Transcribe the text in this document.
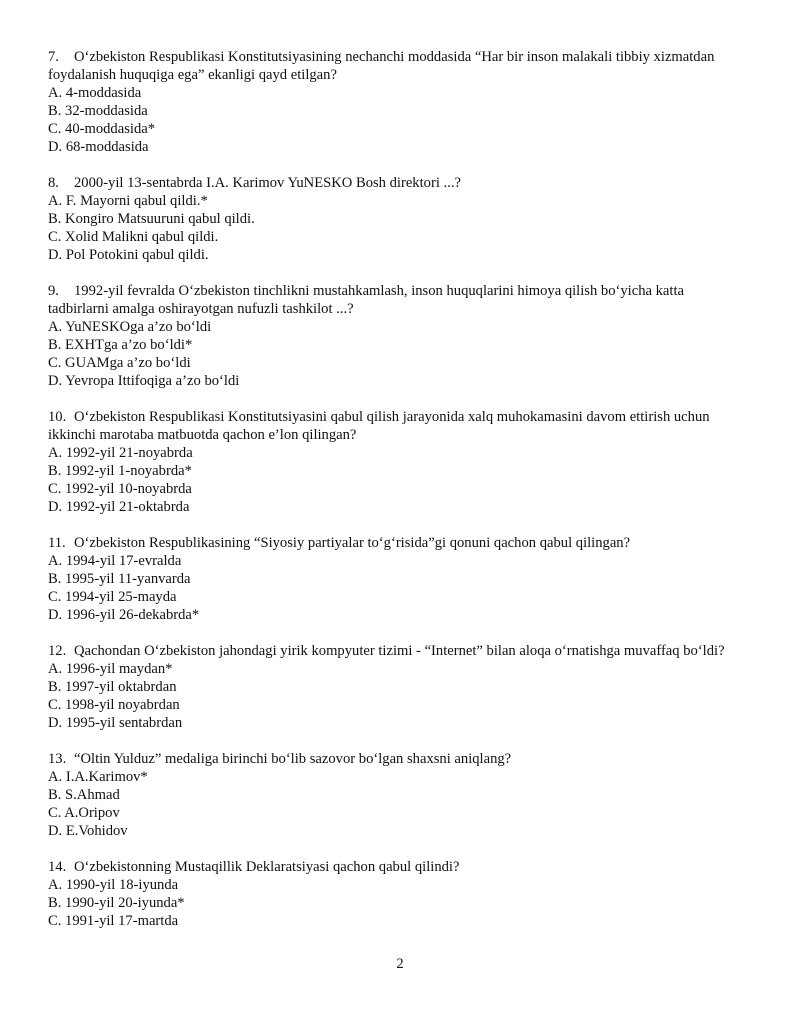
7. O‘zbekiston Respublikasi Konstitutsiyasining nechanchi moddasida “Har bir inson malakali tibbiy xizmatdan foydalanish huquqiga ega” ekanligi qayd etilgan?
A. 4-moddasida
B. 32-moddasida
C. 40-moddasida*
D. 68-moddasida
8. 2000-yil 13-sentabrda I.A. Karimov YuNESKO Bosh direktori ...?
A. F. Mayorni qabul qildi.*
B. Kongiro Matsuuruni qabul qildi.
C. Xolid Malikni qabul qildi.
D. Pol Potokini qabul qildi.
9. 1992-yil fevralda O‘zbekiston tinchlikni mustahkamlash, inson huquqlarini himoya qilish bo‘yicha katta tadbirlarni amalga oshirayotgan nufuzli tashkilot ...?
A. YuNESKOga a’zo bo‘ldi
B. EXHTga a’zo bo‘ldi*
C. GUAMga a’zo bo‘ldi
D. Yevropa Ittifoqiga a’zo bo‘ldi
10. O‘zbekiston Respublikasi Konstitutsiyasini qabul qilish jarayonida xalq muhokamasini davom ettirish uchun ikkinchi marotaba matbuotda qachon e’lon qilingan?
A. 1992-yil 21-noyabrda
B. 1992-yil 1-noyabrda*
C. 1992-yil 10-noyabrda
D. 1992-yil 21-oktabrda
11. O‘zbekiston Respublikasining “Siyosiy partiyalar to‘g‘risida”gi qonuni qachon qabul qilingan?
A. 1994-yil 17-evralda
B. 1995-yil 11-yanvarda
C. 1994-yil 25-mayda
D. 1996-yil 26-dekabrda*
12. Qachondan O‘zbekiston jahondagi yirik kompyuter tizimi - “Internet” bilan aloqa o‘rnatishga muvaffaq bo‘ldi?
A. 1996-yil maydan*
B. 1997-yil oktabrdan
C. 1998-yil noyabrdan
D. 1995-yil sentabrdan
13. “Oltin Yulduz” medaliga birinchi bo‘lib sazovor bo‘lgan shaxsni aniqlang?
A. I.A.Karimov*
B. S.Ahmad
C. A.Oripov
D. E.Vohidov
14. O‘zbekistonning Mustaqillik Deklaratsiyasi qachon qabul qilindi?
A. 1990-yil 18-iyunda
B. 1990-yil 20-iyunda*
C. 1991-yil 17-martda
2
